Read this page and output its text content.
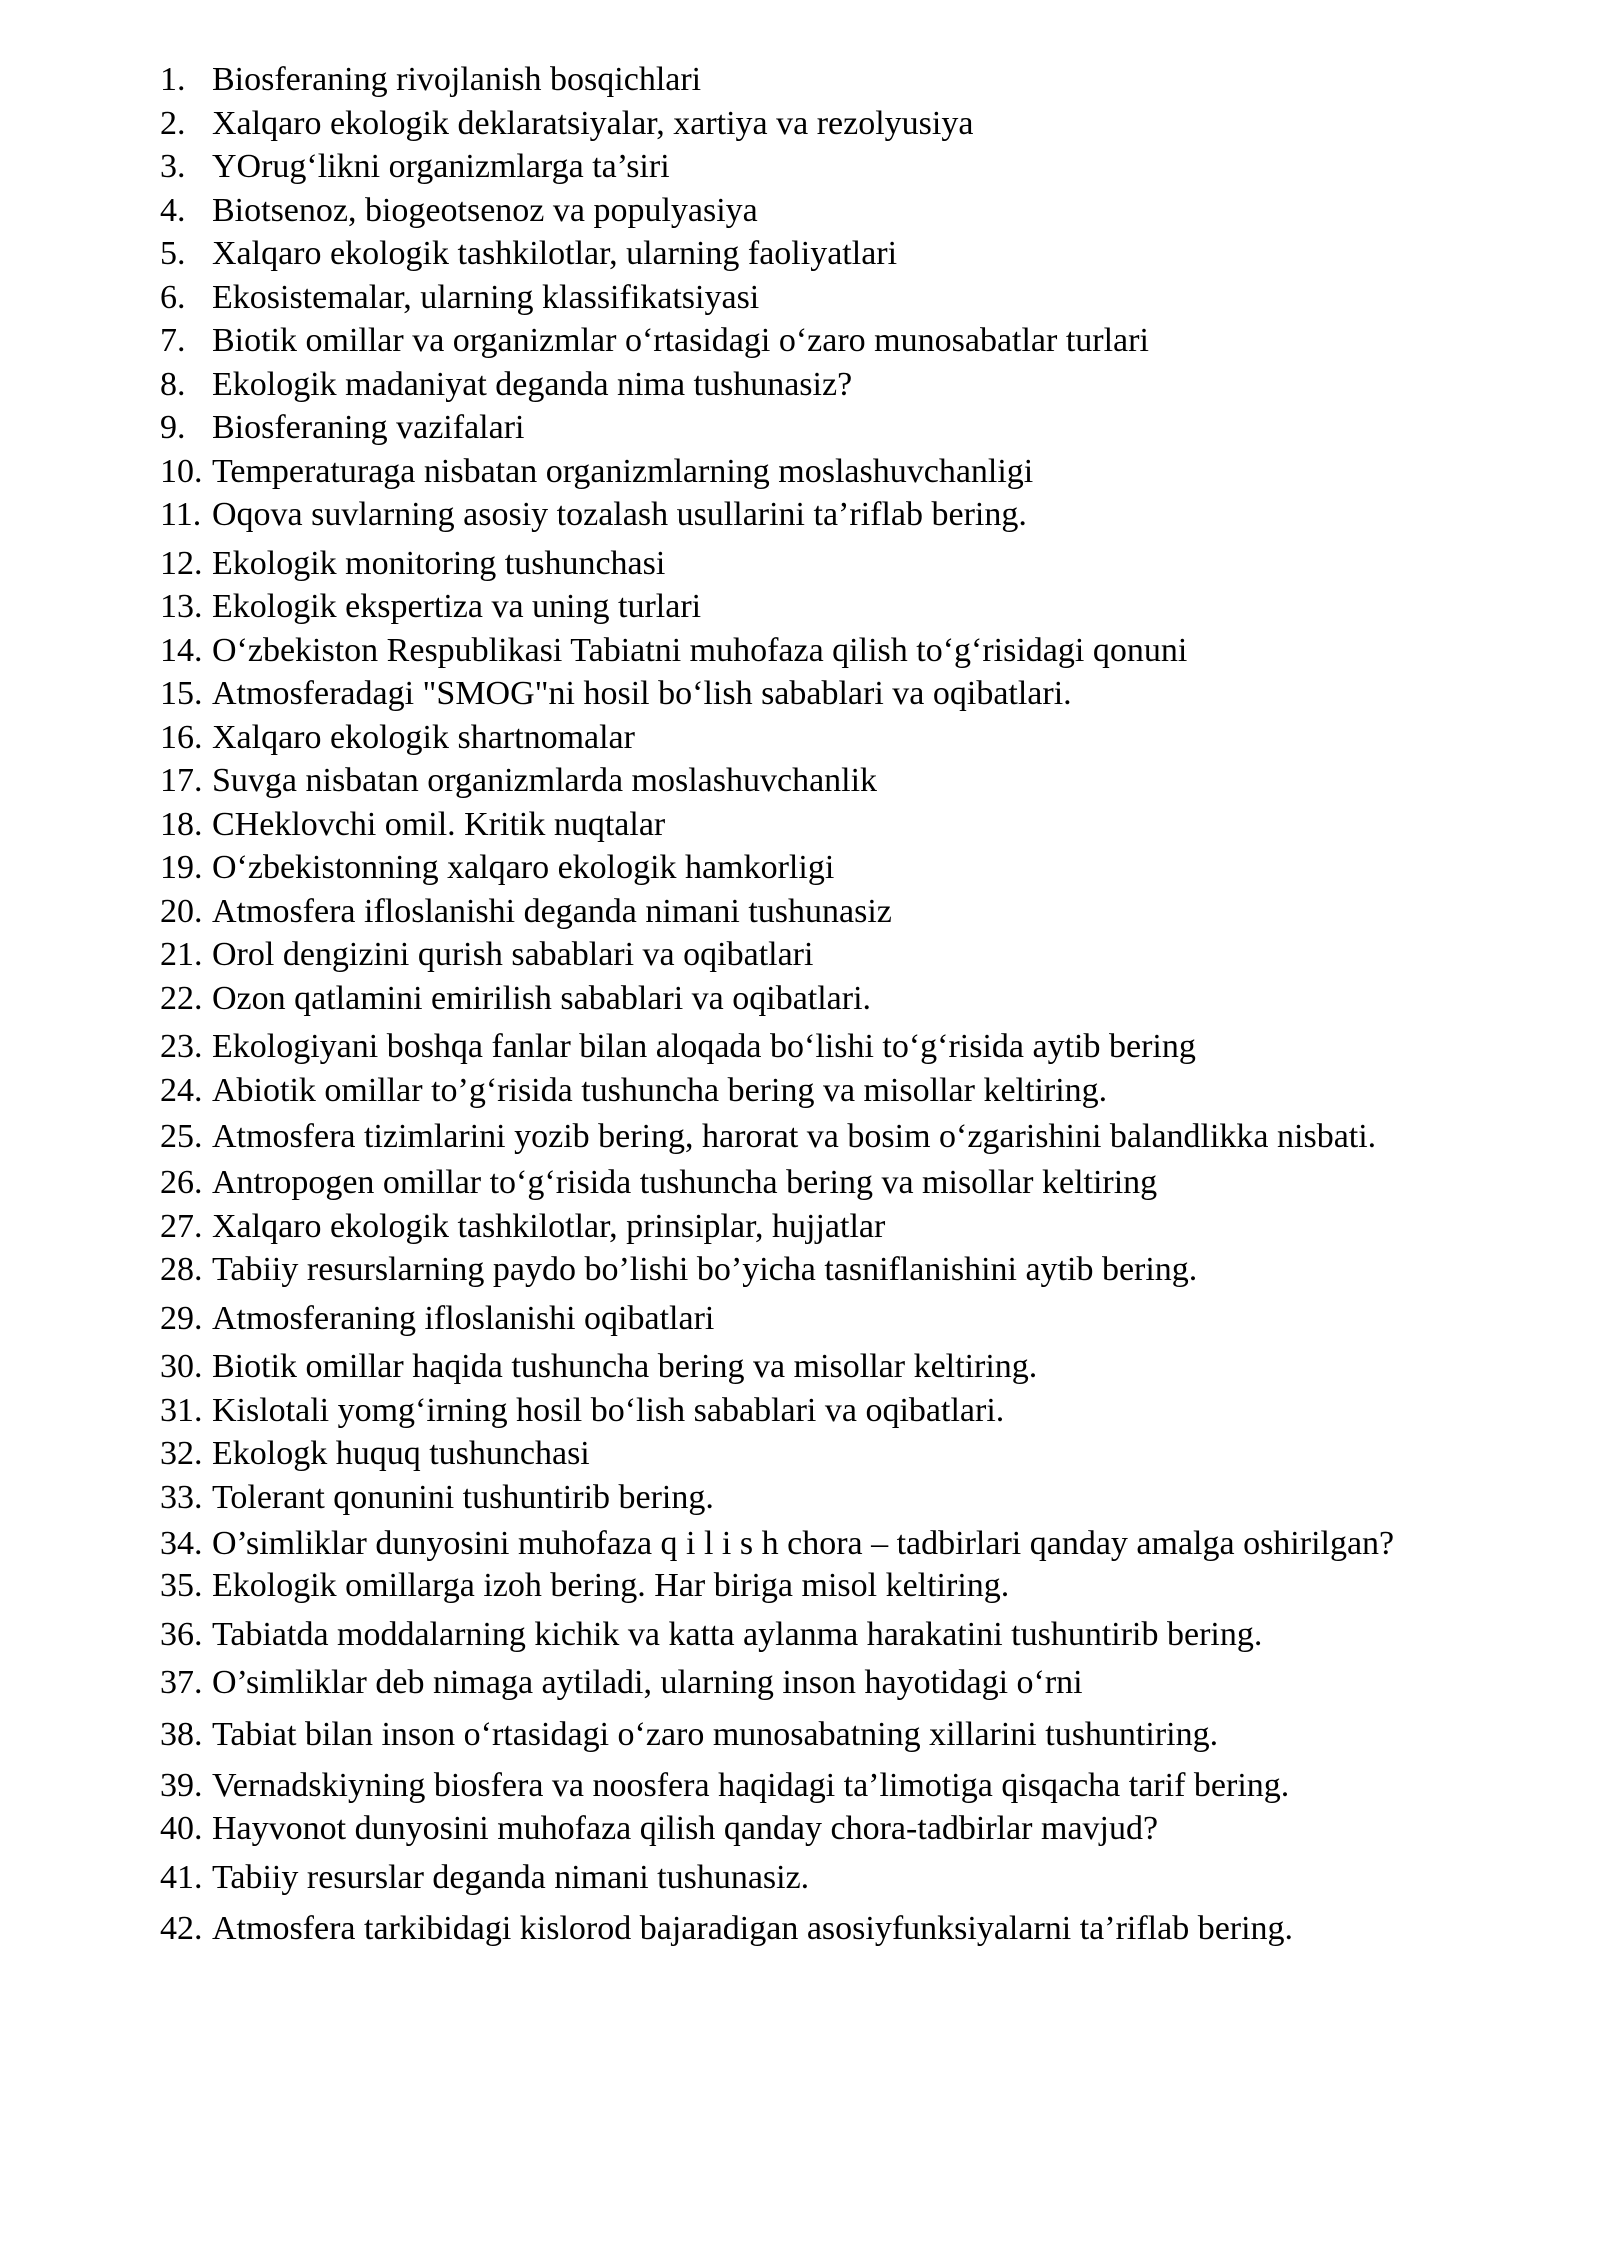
1. Biosferaning rivojlanish bosqichlari
2. Xalqaro ekologik deklaratsiyalar, xartiya va rezolyusiya
3. YOrug‘likni organizmlarga ta’siri
4. Biotsenoz, biogeotsenoz va populyasiya
5. Xalqaro ekologik tashkilotlar, ularning faoliyatlari
6. Ekosistemalar, ularning klassifikatsiyasi
7. Biotik omillar va organizmlar o‘rtasidagi o‘zaro munosabatlar turlari
8. Ekologik madaniyat deganda nima tushunasiz?
9. Biosferaning vazifalari
10. Temperaturaga nisbatan organizmlarning moslashuvchanligi
11. Oqova suvlarning asosiy tozalash usullarini ta’riflab bering.
12. Ekologik monitoring tushunchasi
13. Ekologik ekspertiza va uning turlari
14. O‘zbekiston Respublikasi Tabiatni muhofaza qilish to‘g‘risidagi qonuni
15. Atmosferadagi "SMOG"ni hosil bo‘lish sabablari va oqibatlari.
16. Xalqaro ekologik shartnomalar
17. Suvga nisbatan organizmlarda moslashuvchanlik
18. CHeklovchi omil. Kritik nuqtalar
19. O‘zbekistonning xalqaro ekologik hamkorligi
20. Atmosfera ifloslanishi deganda nimani tushunasiz
21. Orol dengizini qurish sabablari va oqibatlari
22. Ozon qatlamini emirilish sabablari va oqibatlari.
23. Ekologiyani boshqa fanlar bilan aloqada bo‘lishi to‘g‘risida aytib bering
24. Abiotik omillar to’g‘risida tushuncha bering va misollar keltiring.
25. Atmosfera tizimlarini yozib bering, harorat va bosim o‘zgarishini balandlikka nisbati.
26. Antropogen omillar to‘g‘risida tushuncha bering va misollar keltiring
27. Xalqaro ekologik tashkilotlar, prinsiplar, hujjatlar
28. Tabiiy resurslarning paydo bo’lishi bo’yicha tasniflanishini aytib bering.
29. Atmosferaning ifloslanishi oqibatlari
30. Biotik omillar haqida tushuncha bering va misollar keltiring.
31. Kislotali yomg‘irning hosil bo‘lish sabablari va oqibatlari.
32. Ekologk huquq tushunchasi
33. Tolerant qonunini tushuntirib bering.
34. O’simliklar dunyosini muhofaza q i l i s h chora – tadbirlari qanday amalga oshirilgan?
35. Ekologik omillarga izoh bering. Har biriga misol keltiring.
36. Tabiatda moddalarning kichik va katta aylanma harakatini tushuntirib bering.
37. O’simliklar deb nimaga aytiladi, ularning inson hayotidagi o‘rni
38. Tabiat bilan inson o‘rtasidagi o‘zaro munosabatning xillarini tushuntiring.
39. Vernadskiyning biosfera va noosfera haqidagi ta’limotiga qisqacha tarif bering.
40. Hayvonot dunyosini muhofaza qilish qanday chora-tadbirlar mavjud?
41. Tabiiy resurslar deganda nimani tushunasiz.
42. Atmosfera tarkibidagi kislorod bajaradigan asosiyfunksiyalarni ta’riflab bering.
